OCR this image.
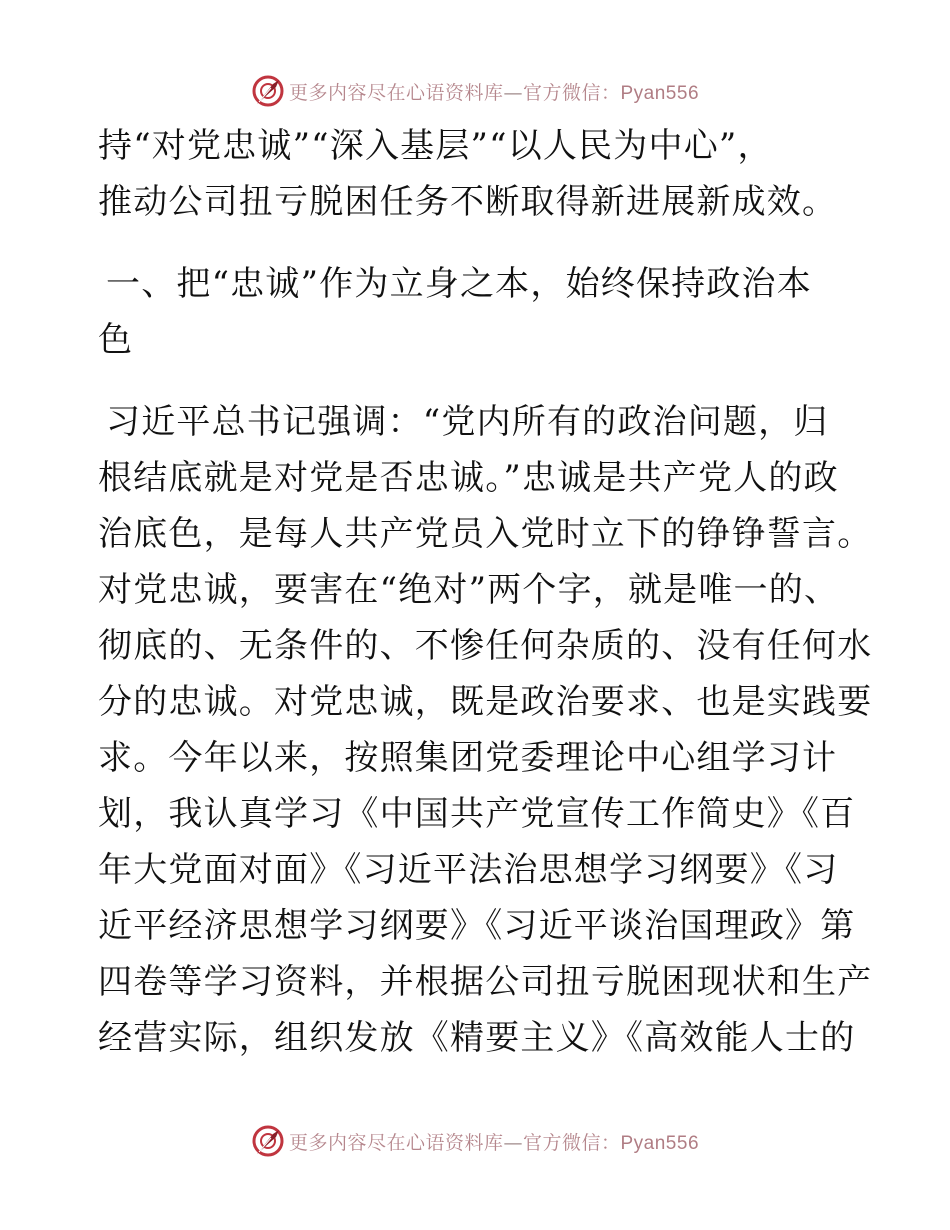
更多内容尽在心语资料库—官方微信：Pyan556
持“对党忠诚”“深入基层”“以人民为中心”，
推动公司扭亏脱困任务不断取得新进展新成效。
一、把“忠诚”作为立身之本，始终保持政治本
色
习近平总书记强调：“党内所有的政治问题，归
根结底就是对党是否忠诚。”忠诚是共产党人的政
治底色，是每人共产党员入党时立下的铮铮誓言。
对党忠诚，要害在“绝对”两个字，就是唯一的、
彻底的、无条件的、不惨任何杂质的、没有任何水
分的忠诚。对党忠诚，既是政治要求、也是实践要
求。今年以来，按照集团党委理论中心组学习计
划，我认真学习《中国共产党宣传工作简史》《百
年大党面对面》《习近平法治思想学习纲要》《习
近平经济思想学习纲要》《习近平谈治国理政》第
四卷等学习资料，并根据公司扭亏脱困现状和生产
经营实际，组织发放《精要主义》《高效能人士的
更多内容尽在心语资料库—官方微信：Pyan556
